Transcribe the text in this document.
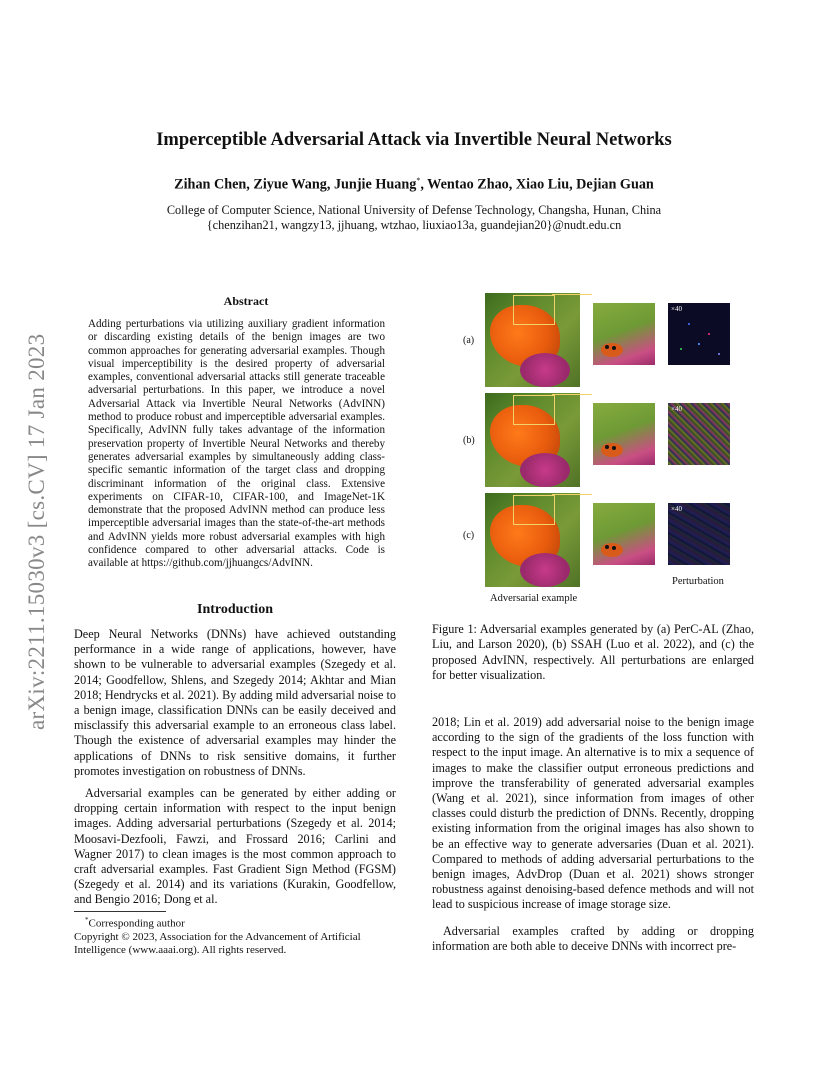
Imperceptible Adversarial Attack via Invertible Neural Networks
Zihan Chen, Ziyue Wang, Junjie Huang*, Wentao Zhao, Xiao Liu, Dejian Guan
College of Computer Science, National University of Defense Technology, Changsha, Hunan, China
{chenzihan21, wangzy13, jjhuang, wtzhao, liuxiao13a, guandejian20}@nudt.edu.cn
arXiv:2211.15030v3 [cs.CV] 17 Jan 2023
Abstract
Adding perturbations via utilizing auxiliary gradient information or discarding existing details of the benign images are two common approaches for generating adversarial examples. Though visual imperceptibility is the desired property of adversarial examples, conventional adversarial attacks still generate traceable adversarial perturbations. In this paper, we introduce a novel Adversarial Attack via Invertible Neural Networks (AdvINN) method to produce robust and imperceptible adversarial examples. Specifically, AdvINN fully takes advantage of the information preservation property of Invertible Neural Networks and thereby generates adversarial examples by simultaneously adding class-specific semantic information of the target class and dropping discriminant information of the original class. Extensive experiments on CIFAR-10, CIFAR-100, and ImageNet-1K demonstrate that the proposed AdvINN method can produce less imperceptible adversarial images than the state-of-the-art methods and AdvINN yields more robust adversarial examples with high confidence compared to other adversarial attacks. Code is available at https://github.com/jjhuangcs/AdvINN.
Introduction
Deep Neural Networks (DNNs) have achieved outstanding performance in a wide range of applications, however, have shown to be vulnerable to adversarial examples (Szegedy et al. 2014; Goodfellow, Shlens, and Szegedy 2014; Akhtar and Mian 2018; Hendrycks et al. 2021). By adding mild adversarial noise to a benign image, classification DNNs can be easily deceived and misclassify this adversarial example to an erroneous class label. Though the existence of adversarial examples may hinder the applications of DNNs to risk sensitive domains, it further promotes investigation on robustness of DNNs.
Adversarial examples can be generated by either adding or dropping certain information with respect to the input benign images. Adding adversarial perturbations (Szegedy et al. 2014; Moosavi-Dezfooli, Fawzi, and Frossard 2016; Carlini and Wagner 2017) to clean images is the most common approach to craft adversarial examples. Fast Gradient Sign Method (FGSM) (Szegedy et al. 2014) and its variations (Kurakin, Goodfellow, and Bengio 2016; Dong et al.
*Corresponding author
Copyright © 2023, Association for the Advancement of Artificial Intelligence (www.aaai.org). All rights reserved.
(a)
(b)
(c)
×40
×40
×40
Perturbation
Adversarial example
Figure 1: Adversarial examples generated by (a) PerC-AL (Zhao, Liu, and Larson 2020), (b) SSAH (Luo et al. 2022), and (c) the proposed AdvINN, respectively. All perturbations are enlarged for better visualization.
2018; Lin et al. 2019) add adversarial noise to the benign image according to the sign of the gradients of the loss function with respect to the input image. An alternative is to mix a sequence of images to make the classifier output erroneous predictions and improve the transferability of generated adversarial examples (Wang et al. 2021), since information from images of other classes could disturb the prediction of DNNs. Recently, dropping existing information from the original images has also shown to be an effective way to generate adversaries (Duan et al. 2021). Compared to methods of adding adversarial perturbations to the benign images, AdvDrop (Duan et al. 2021) shows stronger robustness against denoising-based defence methods and will not lead to suspicious increase of image storage size.
Adversarial examples crafted by adding or dropping information are both able to deceive DNNs with incorrect pre-
